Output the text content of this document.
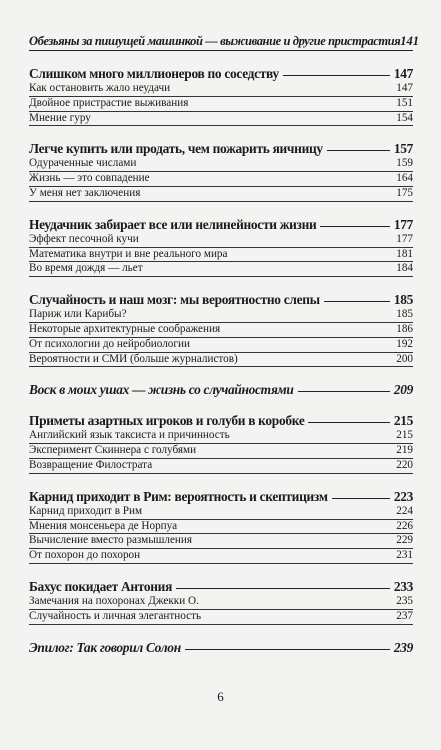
Обезьяны за пишущей машинкой — выживание и другие пристрастия 141
Слишком много миллионеров по соседству	147
Как остановить жало неудачи	147
Двойное пристрастие выживания	151
Мнение гуру	154
Легче купить или продать, чем пожарить яичницу	157
Одураченные числами	159
Жизнь — это совпадение	164
У меня нет заключения	175
Неудачник забирает все или нелинейности жизни	177
Эффект песочной кучи	177
Математика внутри и вне реального мира	181
Во время дождя — льет	184
Случайность и наш мозг: мы вероятностно слепы	185
Париж или Карибы?	185
Некоторые архитектурные соображения	186
От психологии до нейробиологии	192
Вероятности и СМИ (больше журналистов)	200
Воск в моих ушах — жизнь со случайностями	209
Приметы азартных игроков и голуби в коробке	215
Английский язык таксиста и причинность	215
Эксперимент Скиннера с голубями	219
Возвращение Филострата	220
Карнид приходит в Рим: вероятность и скептицизм	223
Карнид приходит в Рим	224
Мнения монсеньера де Норпуа	226
Вычисление вместо размышления	229
От похорон до похорон	231
Бахус покидает Антония	233
Замечания на похоронах Джекки О.	235
Случайность и личная элегантность	237
Эпилог: Так говорил Солон	239
6
